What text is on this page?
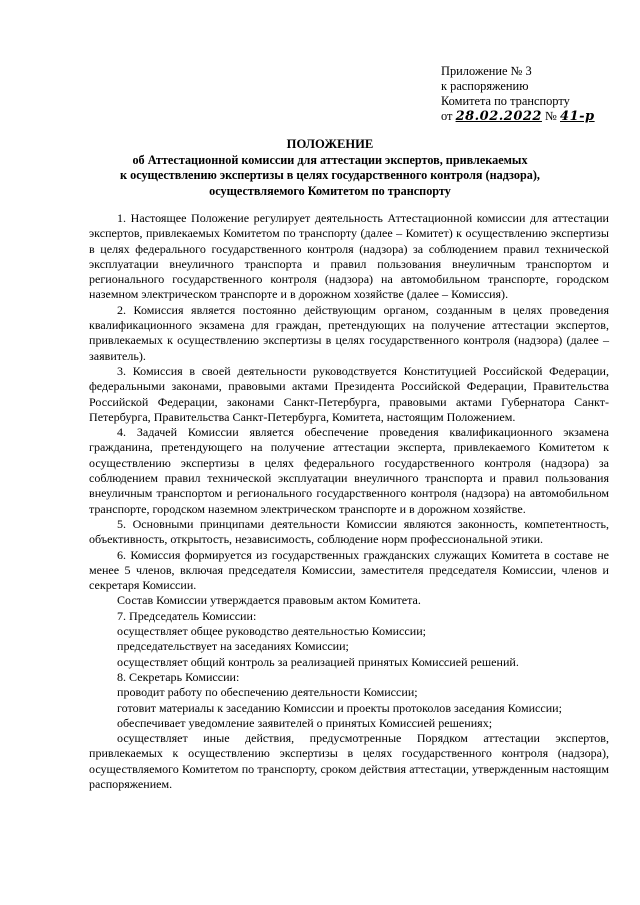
Приложение № 3
к распоряжению
Комитета по транспорту
от 28.02.2022 № 41-р
ПОЛОЖЕНИЕ
об Аттестационной комиссии для аттестации экспертов, привлекаемых
к осуществлению экспертизы в целях государственного контроля (надзора),
осуществляемого Комитетом по транспорту

1. Настоящее Положение регулирует деятельность Аттестационной комиссии для аттестации экспертов, привлекаемых Комитетом по транспорту (далее – Комитет) к осуществлению экспертизы в целях федерального государственного контроля (надзора) за соблюдением правил технической эксплуатации внеуличного транспорта и правил пользования внеуличным транспортом и регионального государственного контроля (надзора) на автомобильном транспорте, городском наземном электрическом транспорте и в дорожном хозяйстве (далее – Комиссия).

2. Комиссия является постоянно действующим органом, созданным в целях проведения квалификационного экзамена для граждан, претендующих на получение аттестации экспертов, привлекаемых к осуществлению экспертизы в целях государственного контроля (надзора) (далее – заявитель).

3. Комиссия в своей деятельности руководствуется Конституцией Российской Федерации, федеральными законами, правовыми актами Президента Российской Федерации, Правительства Российской Федерации, законами Санкт-Петербурга, правовыми актами Губернатора Санкт-Петербурга, Правительства Санкт-Петербурга, Комитета, настоящим Положением.

4. Задачей Комиссии является обеспечение проведения квалификационного экзамена гражданина, претендующего на получение аттестации эксперта, привлекаемого Комитетом к осуществлению экспертизы в целях федерального государственного контроля (надзора) за соблюдением правил технической эксплуатации внеуличного транспорта и правил пользования внеуличным транспортом и регионального государственного контроля (надзора) на автомобильном транспорте, городском наземном электрическом транспорте и в дорожном хозяйстве.

5. Основными принципами деятельности Комиссии являются законность, компетентность, объективность, открытость, независимость, соблюдение норм профессиональной этики.

6. Комиссия формируется из государственных гражданских служащих Комитета в составе не менее 5 членов, включая председателя Комиссии, заместителя председателя Комиссии, членов и секретаря Комиссии.

Состав Комиссии утверждается правовым актом Комитета.

7. Председатель Комиссии:

осуществляет общее руководство деятельностью Комиссии;

председательствует на заседаниях Комиссии;

осуществляет общий контроль за реализацией принятых Комиссией решений.

8. Секретарь Комиссии:

проводит работу по обеспечению деятельности Комиссии;

готовит материалы к заседанию Комиссии и проекты протоколов заседания Комиссии;

обеспечивает уведомление заявителей о принятых Комиссией решениях;

осуществляет иные действия, предусмотренные Порядком аттестации экспертов, привлекаемых к осуществлению экспертизы в целях государственного контроля (надзора), осуществляемого Комитетом по транспорту, сроком действия аттестации, утвержденным настоящим распоряжением.
